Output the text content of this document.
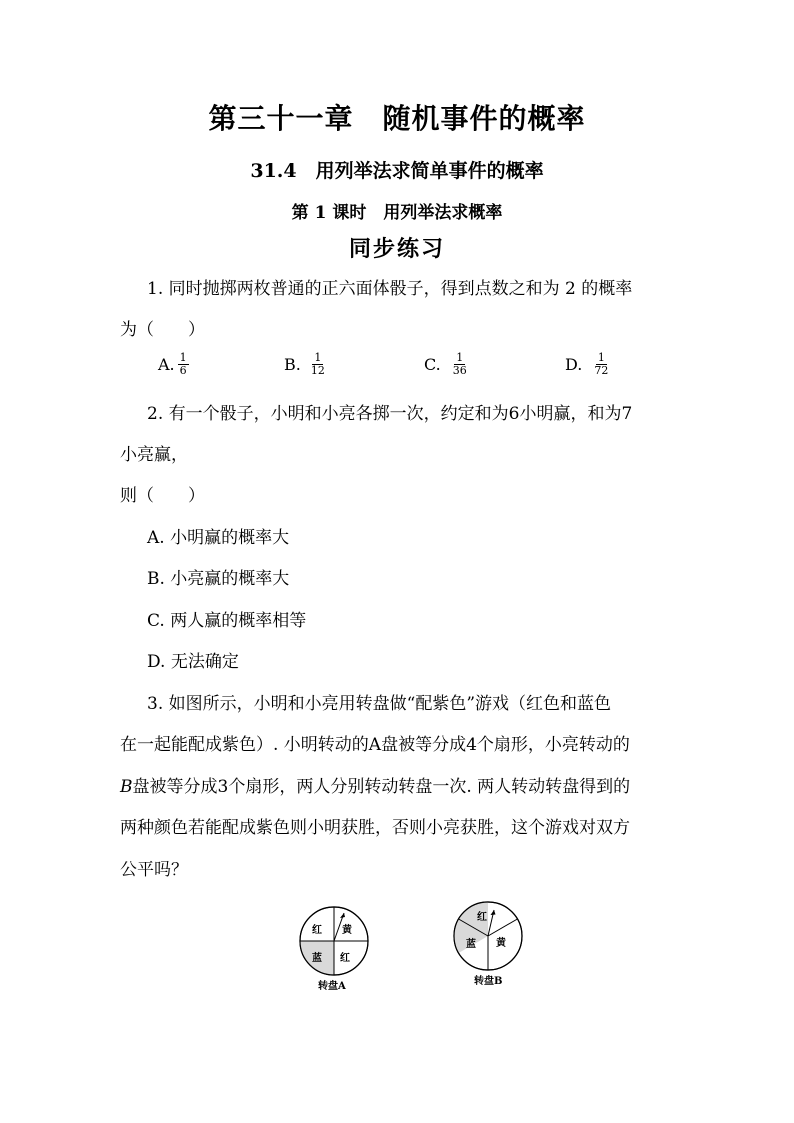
第三十一章　随机事件的概率
31.4　用列举法求简单事件的概率
第 1 课时　用列举法求概率
同步练习
1. 同时抛掷两枚普通的正六面体骰子，得到点数之和为 2 的概率
为（　　）
A. $\frac{1}{6}$	B. $\frac{1}{12}$	C. $\frac{1}{36}$	D. $\frac{1}{72}$
2. 有一个骰子，小明和小亮各掷一次，约定和为6小明赢，和为7
小亮赢，
则（　　）
A. 小明赢的概率大
B. 小亮赢的概率大
C. 两人赢的概率相等
D. 无法确定
3. 如图所示，小明和小亮用转盘做“配紫色”游戏（红色和蓝色
在一起能配成紫色）. 小明转动的A盘被等分成4个扇形，小亮转动的
B盘被等分成3个扇形，两人分别转动转盘一次. 两人转动转盘得到的
两种颜色若能配成紫色则小明获胜，否则小亮获胜，这个游戏对双方
公平吗？
红 黄
蓝 红
转盘A
红
蓝 黄
转盘B
